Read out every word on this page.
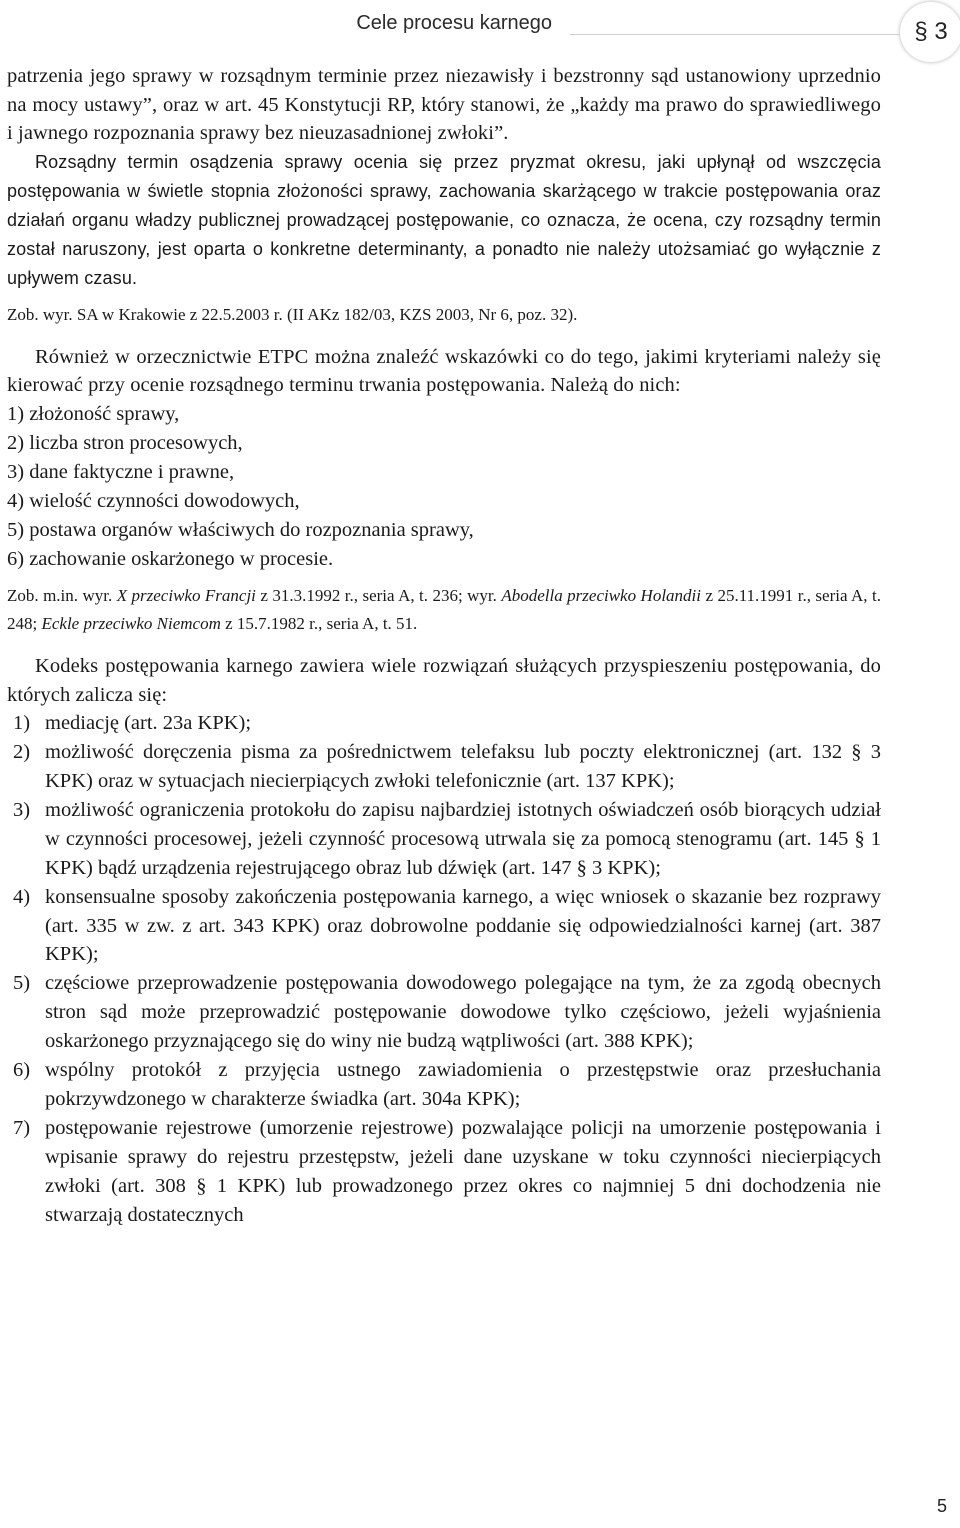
Cele procesu karnego	§ 3

patrzenia jego sprawy w rozsądnym terminie przez niezawisły i bezstronny sąd ustanowiony uprzednio na mocy ustawy”, oraz w art. 45 Konstytucji RP, który stanowi, że „każdy ma prawo do sprawiedliwego i jawnego rozpoznania sprawy bez nieuzasadnionej zwłoki”.

Rozsądny termin osądzenia sprawy ocenia się przez pryzmat okresu, jaki upłynął od wszczęcia postępowania w świetle stopnia złożoności sprawy, zachowania skarżącego w trakcie postępowania oraz działań organu władzy publicznej prowadzącej postępowanie, co oznacza, że ocena, czy rozsądny termin został naruszony, jest oparta o konkretne determinanty, a ponadto nie należy utożsamiać go wyłącznie z upływem czasu.

Zob. wyr. SA w Krakowie z 22.5.2003 r. (II AKz 182/03, KZS 2003, Nr 6, poz. 32).

Również w orzecznictwie ETPC można znaleźć wskazówki co do tego, jakimi kryteriami należy się kierować przy ocenie rozsądnego terminu trwania postępowania. Należą do nich:

1) złożoność sprawy,
2) liczba stron procesowych,
3) dane faktyczne i prawne,
4) wielość czynności dowodowych,
5) postawa organów właściwych do rozpoznania sprawy,
6) zachowanie oskarżonego w procesie.

Zob. m.in. wyr. X przeciwko Francji z 31.3.1992 r., seria A, t. 236; wyr. Abodella przeciwko Holandii z 25.11.1991 r., seria A, t. 248; Eckle przeciwko Niemcom z 15.7.1982 r., seria A, t. 51.

Kodeks postępowania karnego zawiera wiele rozwiązań służących przyspieszeniu postępowania, do których zalicza się:

1) mediację (art. 23a KPK);
2) możliwość doręczenia pisma za pośrednictwem telefaksu lub poczty elektronicznej (art. 132 § 3 KPK) oraz w sytuacjach niecierpiących zwłoki telefonicznie (art. 137 KPK);
3) możliwość ograniczenia protokołu do zapisu najbardziej istotnych oświadczeń osób biorących udział w czynności procesowej, jeżeli czynność procesową utrwala się za pomocą stenogramu (art. 145 § 1 KPK) bądź urządzenia rejestrującego obraz lub dźwięk (art. 147 § 3 KPK);
4) konsensualne sposoby zakończenia postępowania karnego, a więc wniosek o skazanie bez rozprawy (art. 335 w zw. z art. 343 KPK) oraz dobrowolne poddanie się odpowiedzialności karnej (art. 387 KPK);
5) częściowe przeprowadzenie postępowania dowodowego polegające na tym, że za zgodą obecnych stron sąd może przeprowadzić postępowanie dowodowe tylko częściowo, jeżeli wyjaśnienia oskarżonego przyznającego się do winy nie budzą wątpliwości (art. 388 KPK);
6) wspólny protokół z przyjęcia ustnego zawiadomienia o przestępstwie oraz przesłuchania pokrzywdzonego w charakterze świadka (art. 304a KPK);
7) postępowanie rejestrowe (umorzenie rejestrowe) pozwalające policji na umorzenie postępowania i wpisanie sprawy do rejestru przestępstw, jeżeli dane uzyskane w toku czynności niecierpiących zwłoki (art. 308 § 1 KPK) lub prowadzonego przez okres co najmniej 5 dni dochodzenia nie stwarzają dostatecznych
5
